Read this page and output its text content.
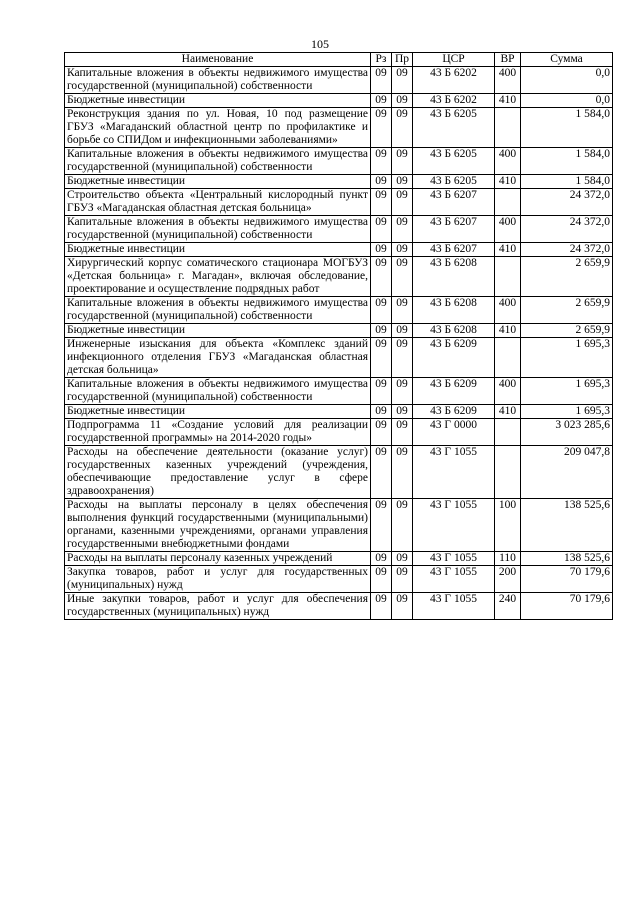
105
Наименование	Рз	Пр	ЦСР	ВР	Сумма
Капитальные вложения в объекты недвижимого имущества государственной (муниципальной) собственности	09	09	43 Б 6202	400	0,0
Бюджетные инвестиции	09	09	43 Б 6202	410	0,0
Реконструкция здания по ул. Новая, 10 под размещение ГБУЗ «Магаданский областной центр по профилактике и борьбе со СПИДом и инфекционными заболеваниями»	09	09	43 Б 6205		1 584,0
Капитальные вложения в объекты недвижимого имущества государственной (муниципальной) собственности	09	09	43 Б 6205	400	1 584,0
Бюджетные инвестиции	09	09	43 Б 6205	410	1 584,0
Строительство объекта «Центральный кислородный пункт ГБУЗ «Магаданская областная детская больница»	09	09	43 Б 6207		24 372,0
Капитальные вложения в объекты недвижимого имущества государственной (муниципальной) собственности	09	09	43 Б 6207	400	24 372,0
Бюджетные инвестиции	09	09	43 Б 6207	410	24 372,0
Хирургический корпус соматического стационара МОГБУЗ «Детская больница» г. Магадан», включая обследование, проектирование и осуществление подрядных работ	09	09	43 Б 6208		2 659,9
Капитальные вложения в объекты недвижимого имущества государственной (муниципальной) собственности	09	09	43 Б 6208	400	2 659,9
Бюджетные инвестиции	09	09	43 Б 6208	410	2 659,9
Инженерные изыскания для объекта «Комплекс зданий инфекционного отделения ГБУЗ «Магаданская областная детская больница»	09	09	43 Б 6209		1 695,3
Капитальные вложения в объекты недвижимого имущества государственной (муниципальной) собственности	09	09	43 Б 6209	400	1 695,3
Бюджетные инвестиции	09	09	43 Б 6209	410	1 695,3
Подпрограмма 11 «Создание условий для реализации государственной программы» на 2014-2020 годы»	09	09	43 Г 0000		3 023 285,6
Расходы на обеспечение деятельности (оказание услуг) государственных казенных учреждений (учреждения, обеспечивающие предоставление услуг в сфере здравоохранения)	09	09	43 Г 1055		209 047,8
Расходы на выплаты персоналу в целях обеспечения выполнения функций государственными (муниципальными) органами, казенными учреждениями, органами управления государственными внебюджетными фондами	09	09	43 Г 1055	100	138 525,6
Расходы на выплаты персоналу казенных учреждений	09	09	43 Г 1055	110	138 525,6
Закупка товаров, работ и услуг для государственных (муниципальных) нужд	09	09	43 Г 1055	200	70 179,6
Иные закупки товаров, работ и услуг для обеспечения государственных (муниципальных) нужд	09	09	43 Г 1055	240	70 179,6
